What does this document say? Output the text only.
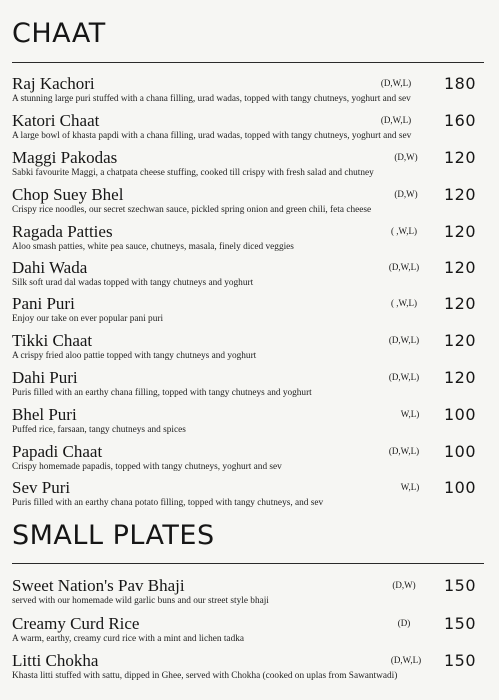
CHAAT
Raj Kachori	(D,W,L)	180
A stunning large puri stuffed with a chana filling, urad wadas, topped with tangy chutneys, yoghurt and sev
Katori Chaat	(D,W,L)	160
A large bowl of khasta papdi with a chana filling, urad wadas, topped with tangy chutneys, yoghurt and sev
Maggi Pakodas	(D,W)	120
Sabki favourite Maggi, a chatpata cheese stuffing, cooked till crispy with fresh salad and chutney
Chop Suey Bhel	(D,W)	120
Crispy rice noodles, our secret szechwan sauce, pickled spring onion and green chili, feta cheese
Ragada Patties	( ,W,L)	120
Aloo smash patties, white pea sauce, chutneys, masala, finely diced veggies
Dahi Wada	(D,W,L)	120
Silk soft urad dal wadas topped with tangy chutneys and yoghurt
Pani Puri	( ,W,L)	120
Enjoy our take on ever popular pani puri
Tikki Chaat	(D,W,L)	120
A crispy fried aloo pattie topped with tangy chutneys and yoghurt
Dahi Puri	(D,W,L)	120
Puris filled with an earthy chana filling, topped with tangy chutneys and yoghurt
Bhel Puri	W,L)	100
Puffed rice, farsaan, tangy chutneys and spices
Papadi Chaat	(D,W,L)	100
Crispy homemade papadis, topped with tangy chutneys, yoghurt and sev
Sev Puri	W,L)	100
Puris filled with an earthy chana potato filling, topped with tangy chutneys, and sev
SMALL PLATES
Sweet Nation's Pav Bhaji	(D,W)	150
served with our homemade wild garlic buns and our street style bhaji
Creamy Curd Rice	(D)	150
A warm, earthy, creamy curd rice with a mint and lichen tadka
Litti Chokha	(D,W,L)	150
Khasta litti stuffed with sattu, dipped in Ghee, served with Chokha (cooked on uplas from Sawantwadi)
